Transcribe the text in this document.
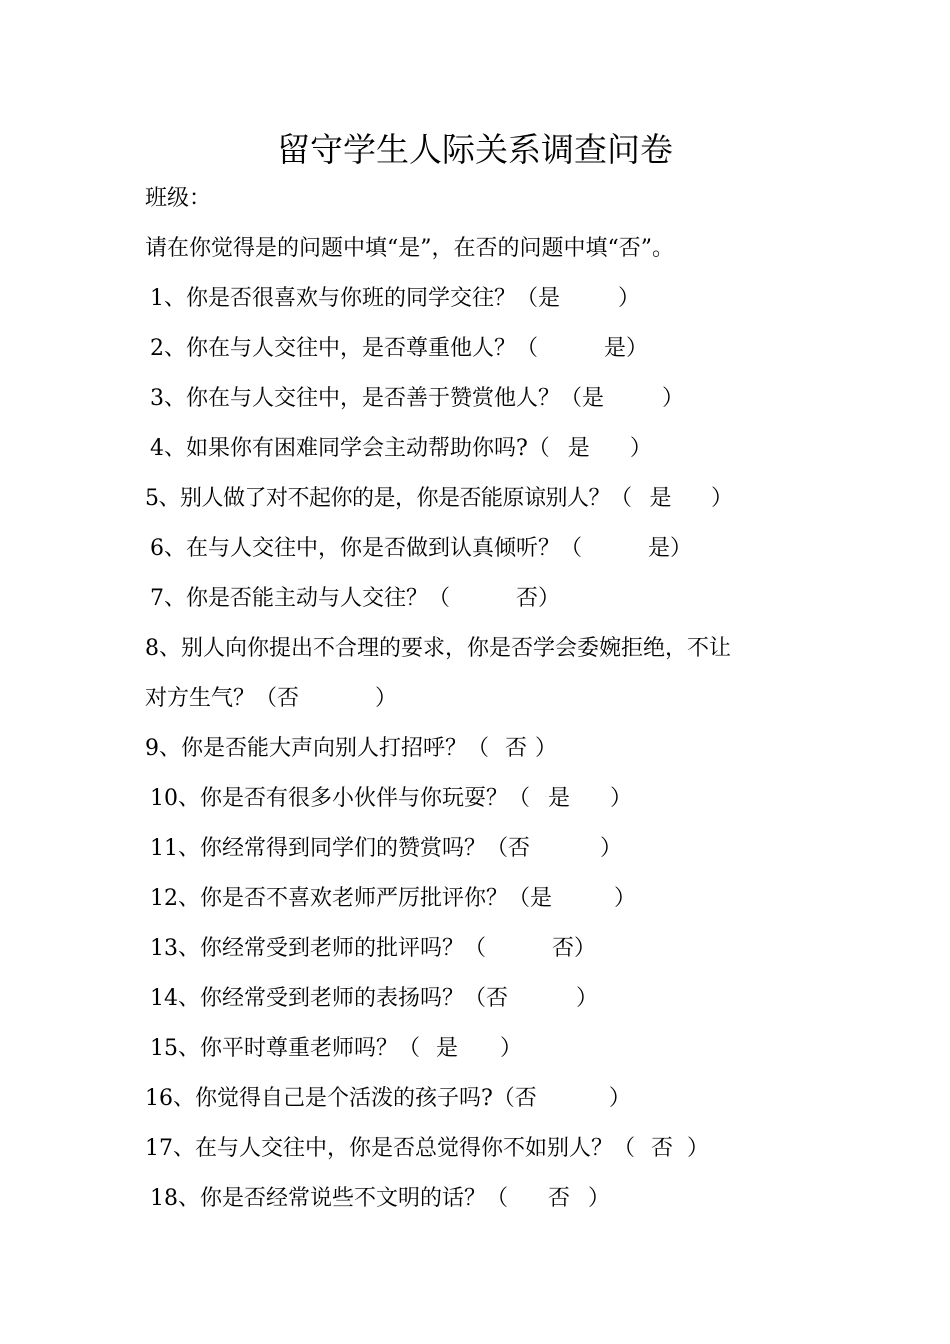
留守学生人际关系调查问卷
班级：
请在你觉得是的问题中填“是”，在否的问题中填“否”。
1、你是否很喜欢与你班的同学交往？（是	）
2、你在与人交往中，是否尊重他人？（	是）
3、你在与人交往中，是否善于赞赏他人？（是	）
4、如果你有困难同学会主动帮助你吗?（ 是 ）
5、别人做了对不起你的是，你是否能原谅别人？（ 是 ）
6、在与人交往中，你是否做到认真倾听？（	是）
7、你是否能主动与人交往？（	否）
8、别人向你提出不合理的要求，你是否学会委婉拒绝，不让
对方生气？（否	）
9、你是否能大声向别人打招呼？（ 否 ）
10、你是否有很多小伙伴与你玩耍？（ 是 ）
11、你经常得到同学们的赞赏吗？（否	）
12、你是否不喜欢老师严厉批评你？（是	）
13、你经常受到老师的批评吗？（	否）
14、你经常受到老师的表扬吗？（否	）
15、你平时尊重老师吗？（ 是 ）
16、你觉得自己是个活泼的孩子吗?（否	）
17、在与人交往中，你是否总觉得你不如别人？（ 否 ）
18、你是否经常说些不文明的话？（ 否 ）
